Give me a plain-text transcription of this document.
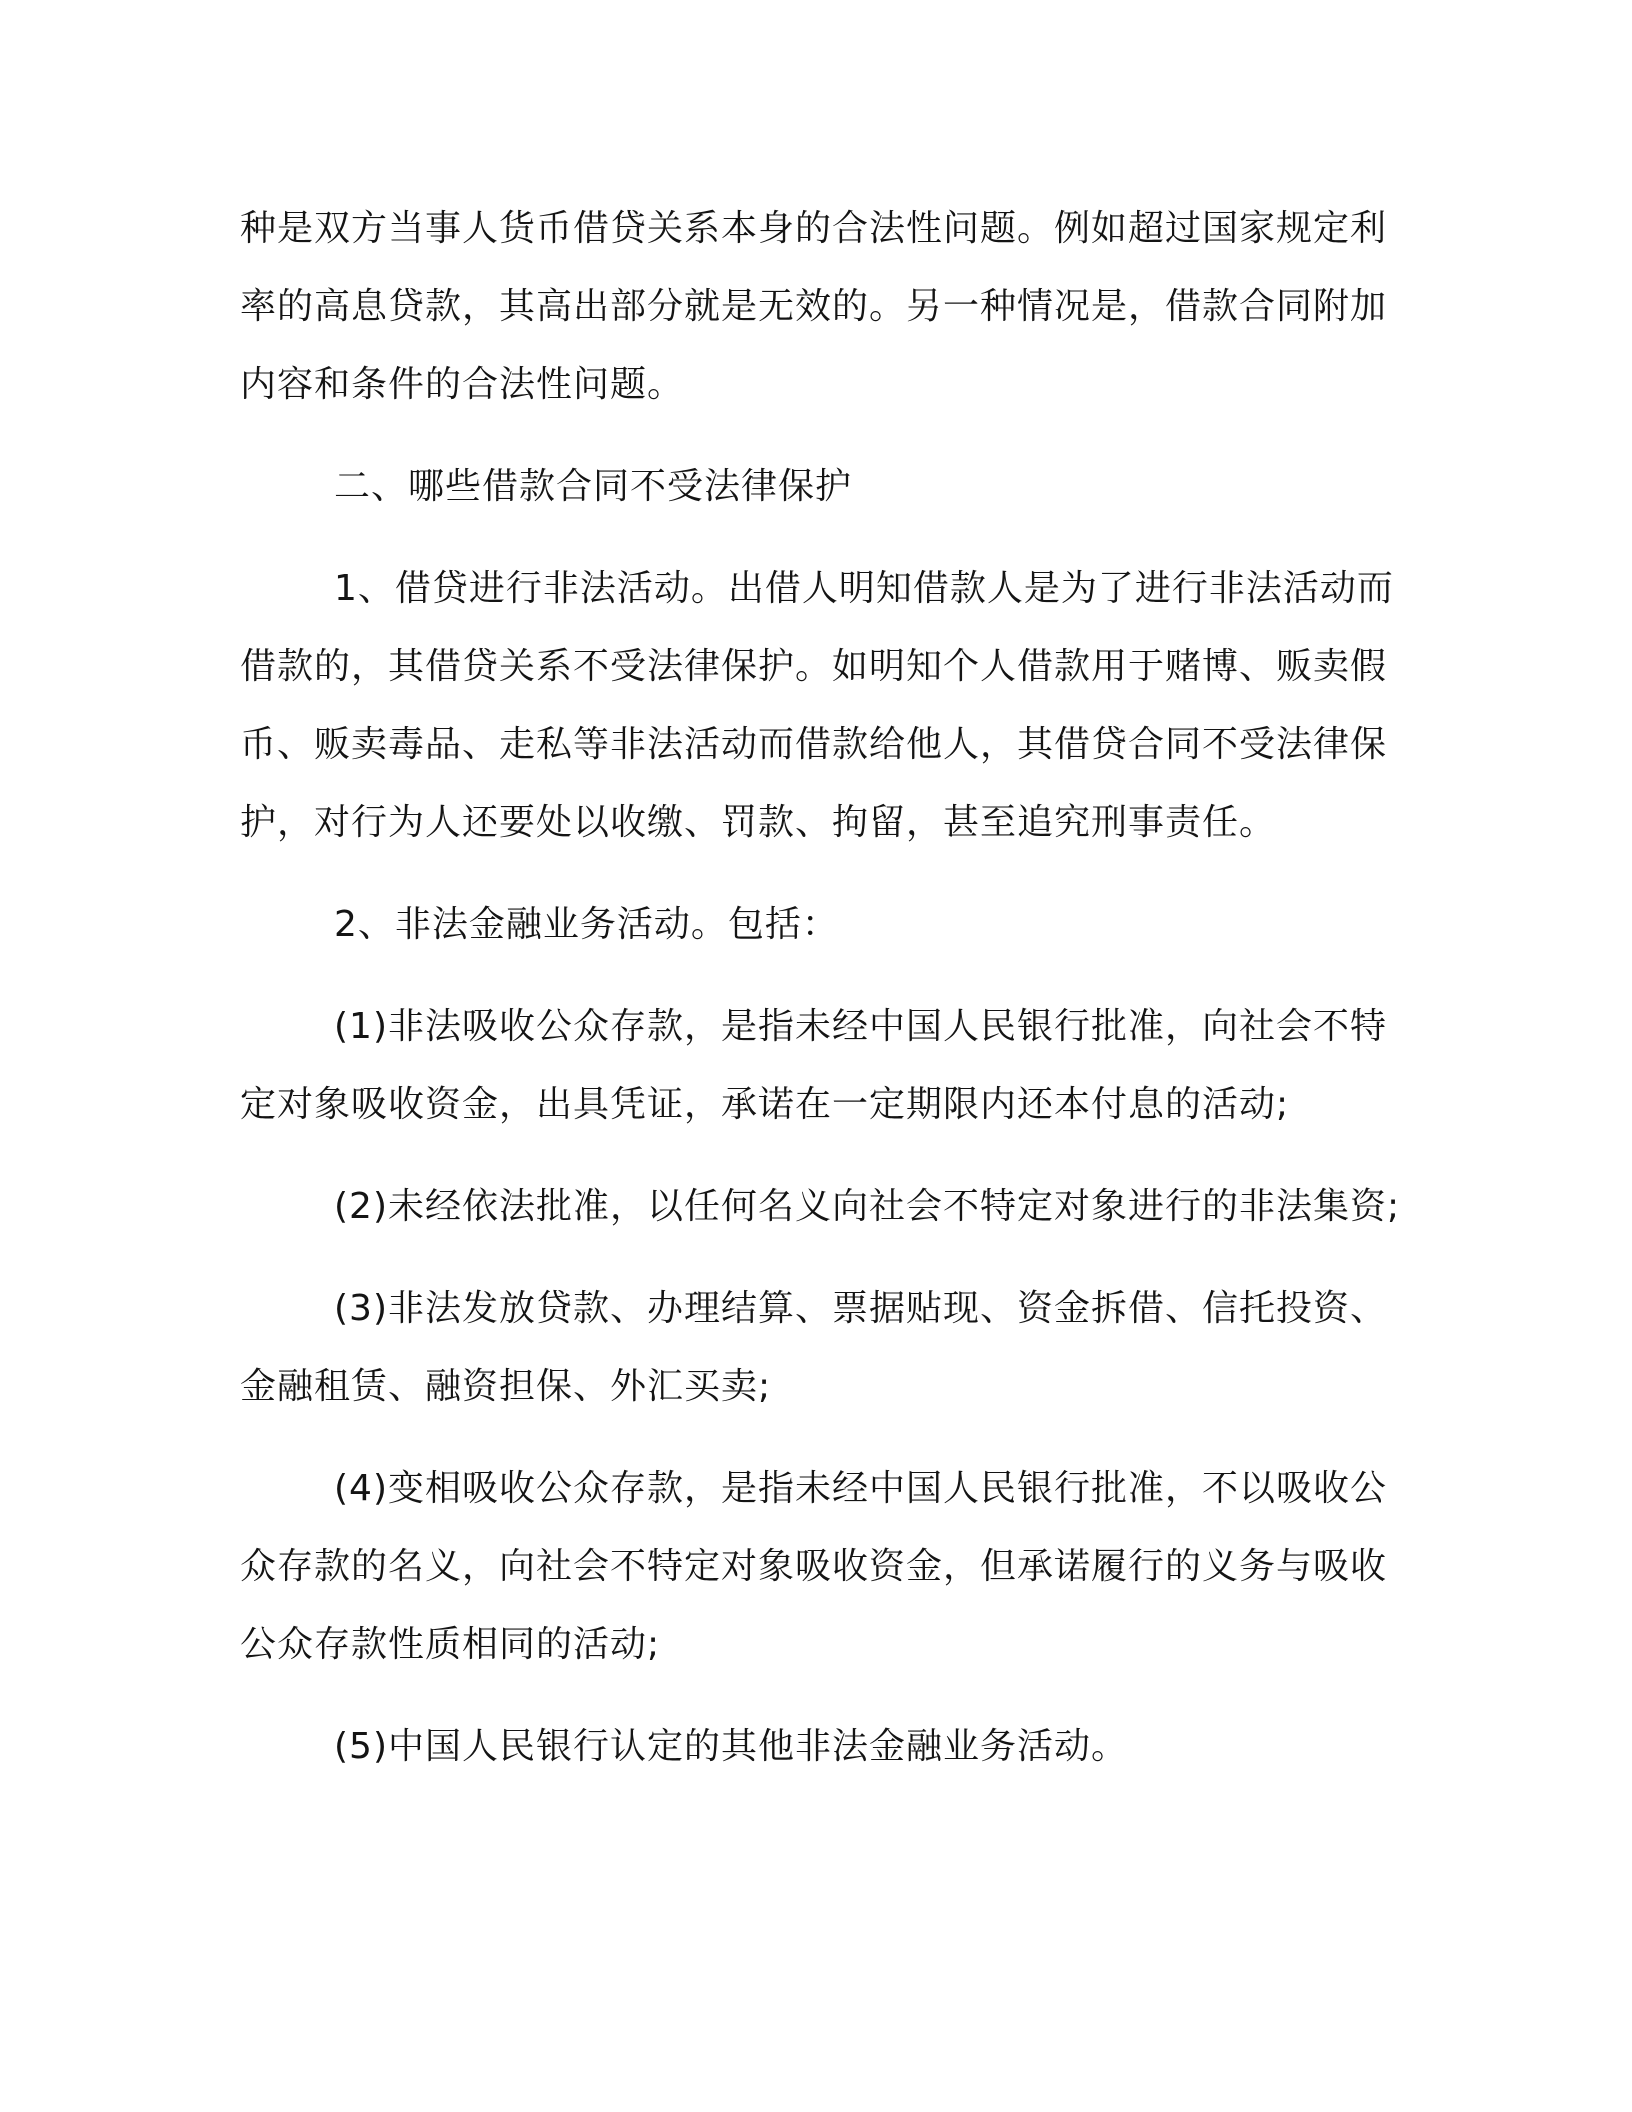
种是双方当事人货币借贷关系本身的合法性问题。例如超过国家规定利率的高息贷款，其高出部分就是无效的。另一种情况是，借款合同附加内容和条件的合法性问题。

二、哪些借款合同不受法律保护

1、借贷进行非法活动。出借人明知借款人是为了进行非法活动而借款的，其借贷关系不受法律保护。如明知个人借款用于赌博、贩卖假币、贩卖毒品、走私等非法活动而借款给他人，其借贷合同不受法律保护，对行为人还要处以收缴、罚款、拘留，甚至追究刑事责任。

2、非法金融业务活动。包括：

(1)非法吸收公众存款，是指未经中国人民银行批准，向社会不特定对象吸收资金，出具凭证，承诺在一定期限内还本付息的活动;

(2)未经依法批准，以任何名义向社会不特定对象进行的非法集资;

(3)非法发放贷款、办理结算、票据贴现、资金拆借、信托投资、金融租赁、融资担保、外汇买卖;

(4)变相吸收公众存款，是指未经中国人民银行批准，不以吸收公众存款的名义，向社会不特定对象吸收资金，但承诺履行的义务与吸收公众存款性质相同的活动;

(5)中国人民银行认定的其他非法金融业务活动。
